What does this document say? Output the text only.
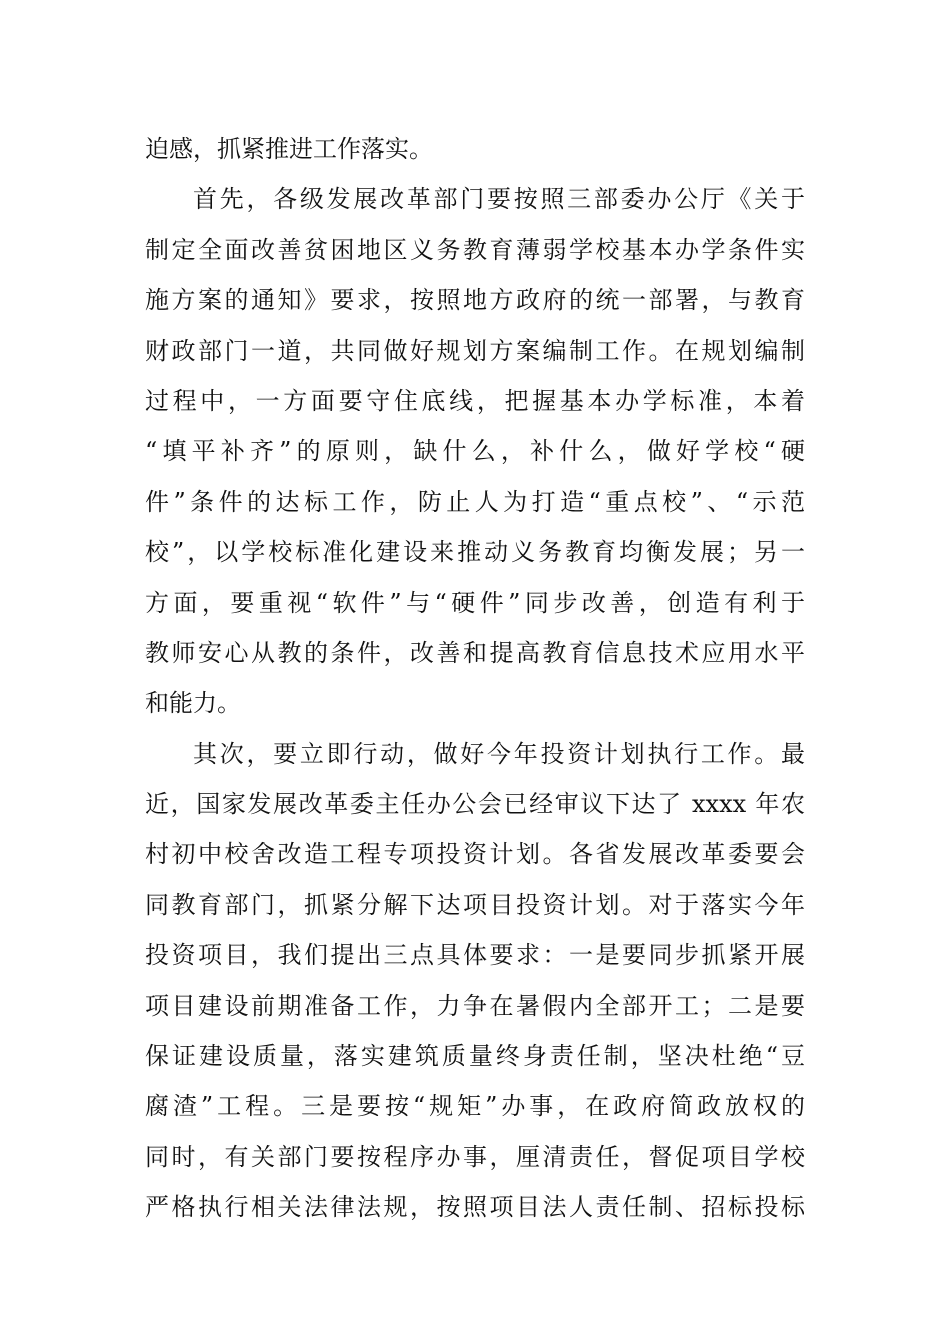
迫感，抓紧推进工作落实。
首先，各级发展改革部门要按照三部委办公厅《关于
制定全面改善贫困地区义务教育薄弱学校基本办学条件实
施方案的通知》要求，按照地方政府的统一部署，与教育
财政部门一道，共同做好规划方案编制工作。在规划编制
过程中，一方面要守住底线，把握基本办学标准，本着
“填平补齐”的原则，缺什么，补什么，做好学校“硬
件”条件的达标工作，防止人为打造“重点校”、“示范
校”，以学校标准化建设来推动义务教育均衡发展；另一
方面，要重视“软件”与“硬件”同步改善，创造有利于
教师安心从教的条件，改善和提高教育信息技术应用水平
和能力。
其次，要立即行动，做好今年投资计划执行工作。最
近，国家发展改革委主任办公会已经审议下达了 xxxx 年农
村初中校舍改造工程专项投资计划。各省发展改革委要会
同教育部门，抓紧分解下达项目投资计划。对于落实今年
投资项目，我们提出三点具体要求：一是要同步抓紧开展
项目建设前期准备工作，力争在暑假内全部开工；二是要
保证建设质量，落实建筑质量终身责任制，坚决杜绝“豆
腐渣”工程。三是要按“规矩”办事，在政府简政放权的
同时，有关部门要按程序办事，厘清责任，督促项目学校
严格执行相关法律法规，按照项目法人责任制、招标投标
